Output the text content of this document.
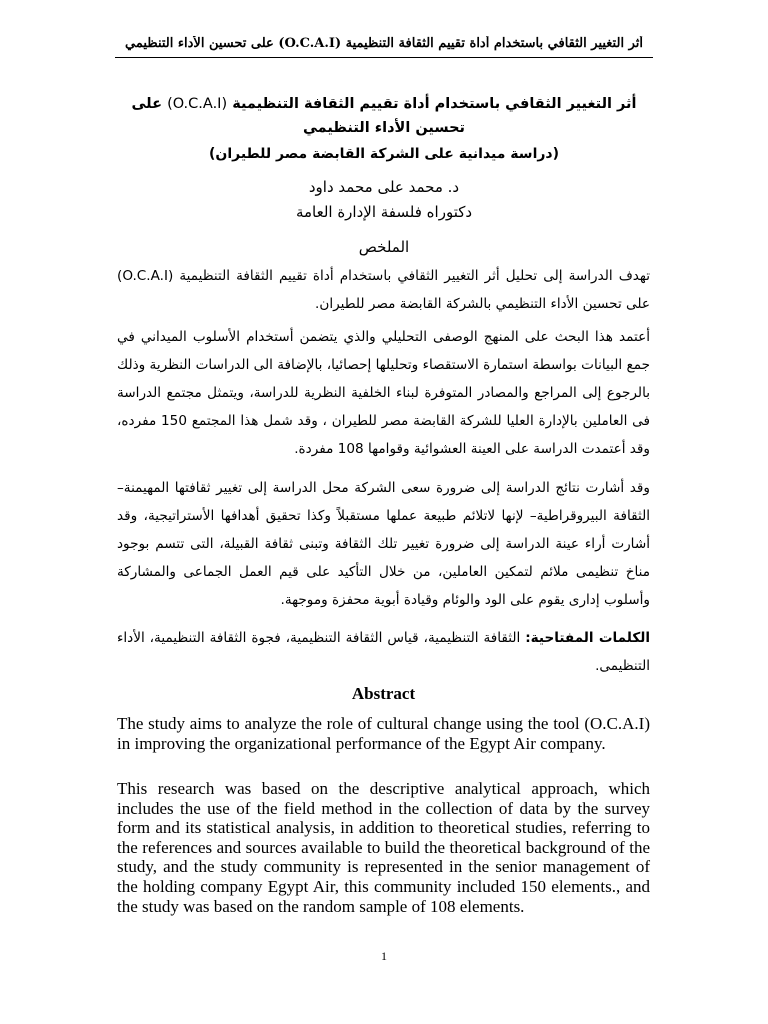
أثر التغيير الثقافي باستخدام أداة تقييم الثقافة التنظيمية (O.C.A.I) على تحسين الأداء التنظيمي
أثر التغيير الثقافي باستخدام أداة تقييم الثقافة التنظيمية (O.C.A.I) على تحسين الأداء التنظيمي
(دراسة ميدانية على الشركة القابضة مصر للطيران)
د. محمد على محمد داود
دكتوراه فلسفة الإدارة العامة
الملخص
تهدف الدراسة إلى تحليل أثر التغيير الثقافي باستخدام أداة تقييم الثقافة التنظيمية (O.C.A.I) على تحسين الأداء التنظيمي بالشركة القابضة مصر للطيران.
أعتمد هذا البحث على المنهج الوصفى التحليلي والذي يتضمن أستخدام الأسلوب الميداني في جمع البيانات بواسطة استمارة الاستقصاء وتحليلها إحصائيا، بالإضافة الى الدراسات النظرية وذلك بالرجوع إلى المراجع والمصادر المتوفرة لبناء الخلفية النظرية للدراسة، ويتمثل مجتمع الدراسة فى العاملين بالإدارة العليا للشركة القابضة مصر للطيران ، وقد شمل هذا المجتمع 150 مفرده، وقد أعتمدت الدراسة على العينة العشوائية وقوامها 108 مفردة.
وقد أشارت نتائج الدراسة إلى ضرورة سعى الشركة محل الدراسة إلى تغيير ثقافتها المهيمنة– الثقافة البيروقراطية– لإنها لاتلائم طبيعة عملها مستقبلاً وكذا تحقيق أهدافها الأستراتيجية، وقد أشارت أراء عينة الدراسة إلى ضرورة تغيير تلك الثقافة وتبنى ثقافة القبيلة، التى تتسم بوجود مناخ تنظيمى ملائم لتمكين العاملين، من خلال التأكيد على قيم العمل الجماعى والمشاركة وأسلوب إدارى يقوم على الود والوئام وقيادة أبوية محفزة وموجهة.
الكلمات المفتاحية: الثقافة التنظيمية، قياس الثقافة التنظيمية، فجوة الثقافة التنظيمية، الأداء التنظيمى.
Abstract
The study aims to analyze the role of cultural change using the tool (O.C.A.I) in improving the organizational performance of the Egypt Air company.
This research was based on the descriptive analytical approach, which includes the use of the field method in the collection of data by the survey form and its statistical analysis, in addition to theoretical studies, referring to the references and sources available to build the theoretical background of the study, and the study community is represented in the senior management of the holding company Egypt Air, this community included 150 elements., and the study was based on the random sample of 108 elements.
1
